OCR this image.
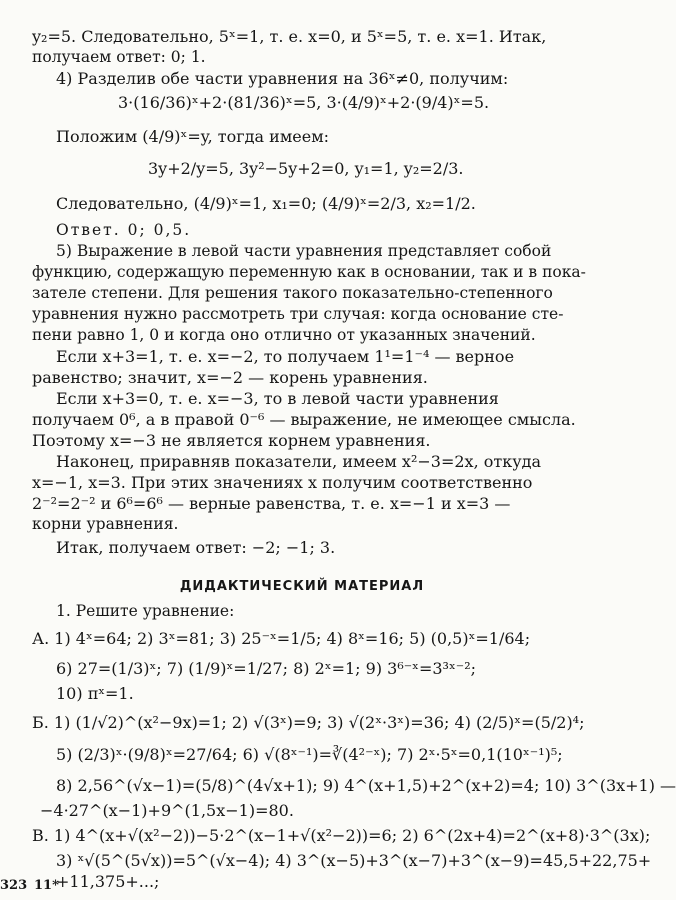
y₂=5. Следовательно, 5ˣ=1, т. е. x=0, и 5ˣ=5, т. е. x=1. Итак,
получаем ответ: 0; 1.
4) Разделив обе части уравнения на 36ˣ≠0, получим:
3·(16/36)ˣ+2·(81/36)ˣ=5, 3·(4/9)ˣ+2·(9/4)ˣ=5.
Положим (4/9)ˣ=y, тогда имеем:
3y+2/y=5, 3y²−5y+2=0, y₁=1, y₂=2/3.
Следовательно, (4/9)ˣ=1, x₁=0; (4/9)ˣ=2/3, x₂=1/2.
Ответ. 0; 0,5.
5) Выражение в левой части уравнения представляет собой
функцию, содержащую переменную как в основании, так и в пока-
зателе степени. Для решения такого показательно-степенного
уравнения нужно рассмотреть три случая: когда основание сте-
пени равно 1, 0 и когда оно отлично от указанных значений.
Если x+3=1, т. е. x=−2, то получаем 1¹=1⁻⁴ — верное
равенство; значит, x=−2 — корень уравнения.
Если x+3=0, т. е. x=−3, то в левой части уравнения
получаем 0⁶, а в правой 0⁻⁶ — выражение, не имеющее смысла.
Поэтому x=−3 не является корнем уравнения.
Наконец, приравняв показатели, имеем x²−3=2x, откуда
x=−1, x=3. При этих значениях x получим соответственно
2⁻²=2⁻² и 6⁶=6⁶ — верные равенства, т. е. x=−1 и x=3 —
корни уравнения.
Итак, получаем ответ: −2; −1; 3.
ДИДАКТИЧЕСКИЙ МАТЕРИАЛ
1. Решите уравнение:
А. 1) 4ˣ=64; 2) 3ˣ=81; 3) 25⁻ˣ=1/5; 4) 8ˣ=16; 5) (0,5)ˣ=1/64;
6) 27=(1/3)ˣ; 7) (1/9)ˣ=1/27; 8) 2ˣ=1; 9) 3⁶⁻ˣ=3³ˣ⁻²;
10) πˣ=1.
Б. 1) (1/√2)^(x²−9x)=1; 2) √(3ˣ)=9; 3) √(2ˣ·3ˣ)=36; 4) (2/5)ˣ=(5/2)⁴;
5) (2/3)ˣ·(9/8)ˣ=27/64; 6) √(8ˣ⁻¹)=∛(4²⁻ˣ); 7) 2ˣ·5ˣ=0,1(10ˣ⁻¹)⁵;
8) 2,56^(√x−1)=(5/8)^(4√x+1); 9) 4^(x+1,5)+2^(x+2)=4; 10) 3^(3x+1) —
−4·27^(x−1)+9^(1,5x−1)=80.
В. 1) 4^(x+√(x²−2))−5·2^(x−1+√(x²−2))=6; 2) 6^(2x+4)=2^(x+8)·3^(3x);
3) ˣ√(5^(5√x))=5^(√x−4); 4) 3^(x−5)+3^(x−7)+3^(x−9)=45,5+22,75+
+11,375+...;
11*
323
